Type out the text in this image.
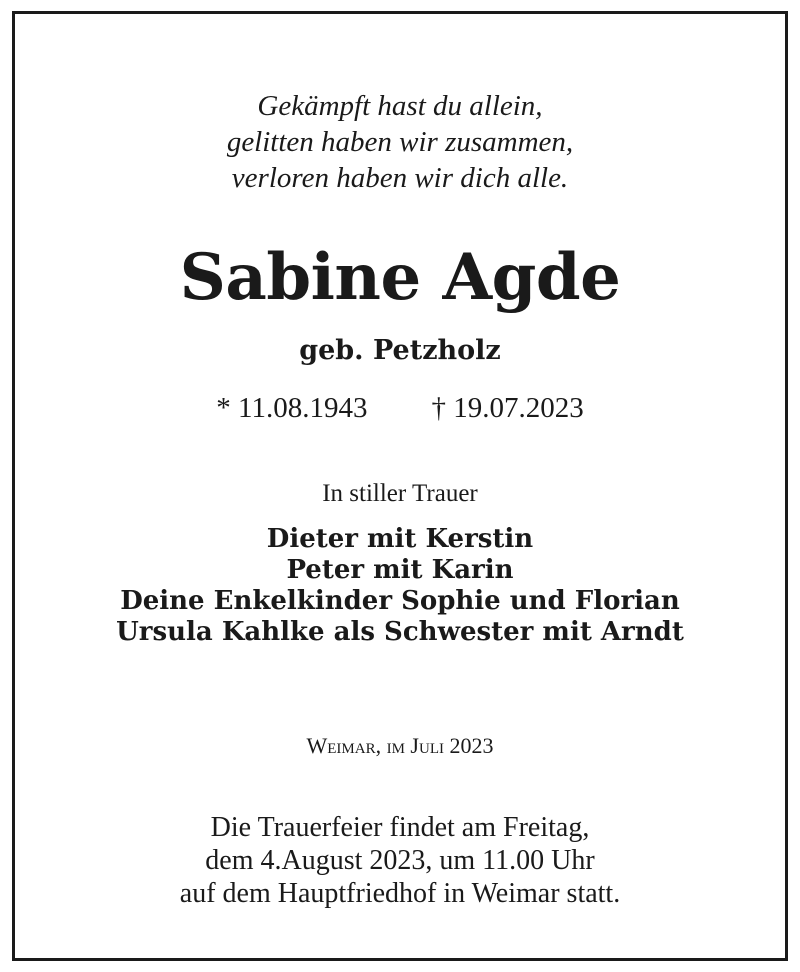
Gekämpft hast du allein,
gelitten haben wir zusammen,
verloren haben wir dich alle.
Sabine Agde
geb. Petzholz
* 11.08.1943 † 19.07.2023
In stiller Trauer
Dieter mit Kerstin
Peter mit Karin
Deine Enkelkinder Sophie und Florian
Ursula Kahlke als Schwester mit Arndt
Weimar, im Juli 2023
Die Trauerfeier findet am Freitag,
dem 4.August 2023, um 11.00 Uhr
auf dem Hauptfriedhof in Weimar statt.
